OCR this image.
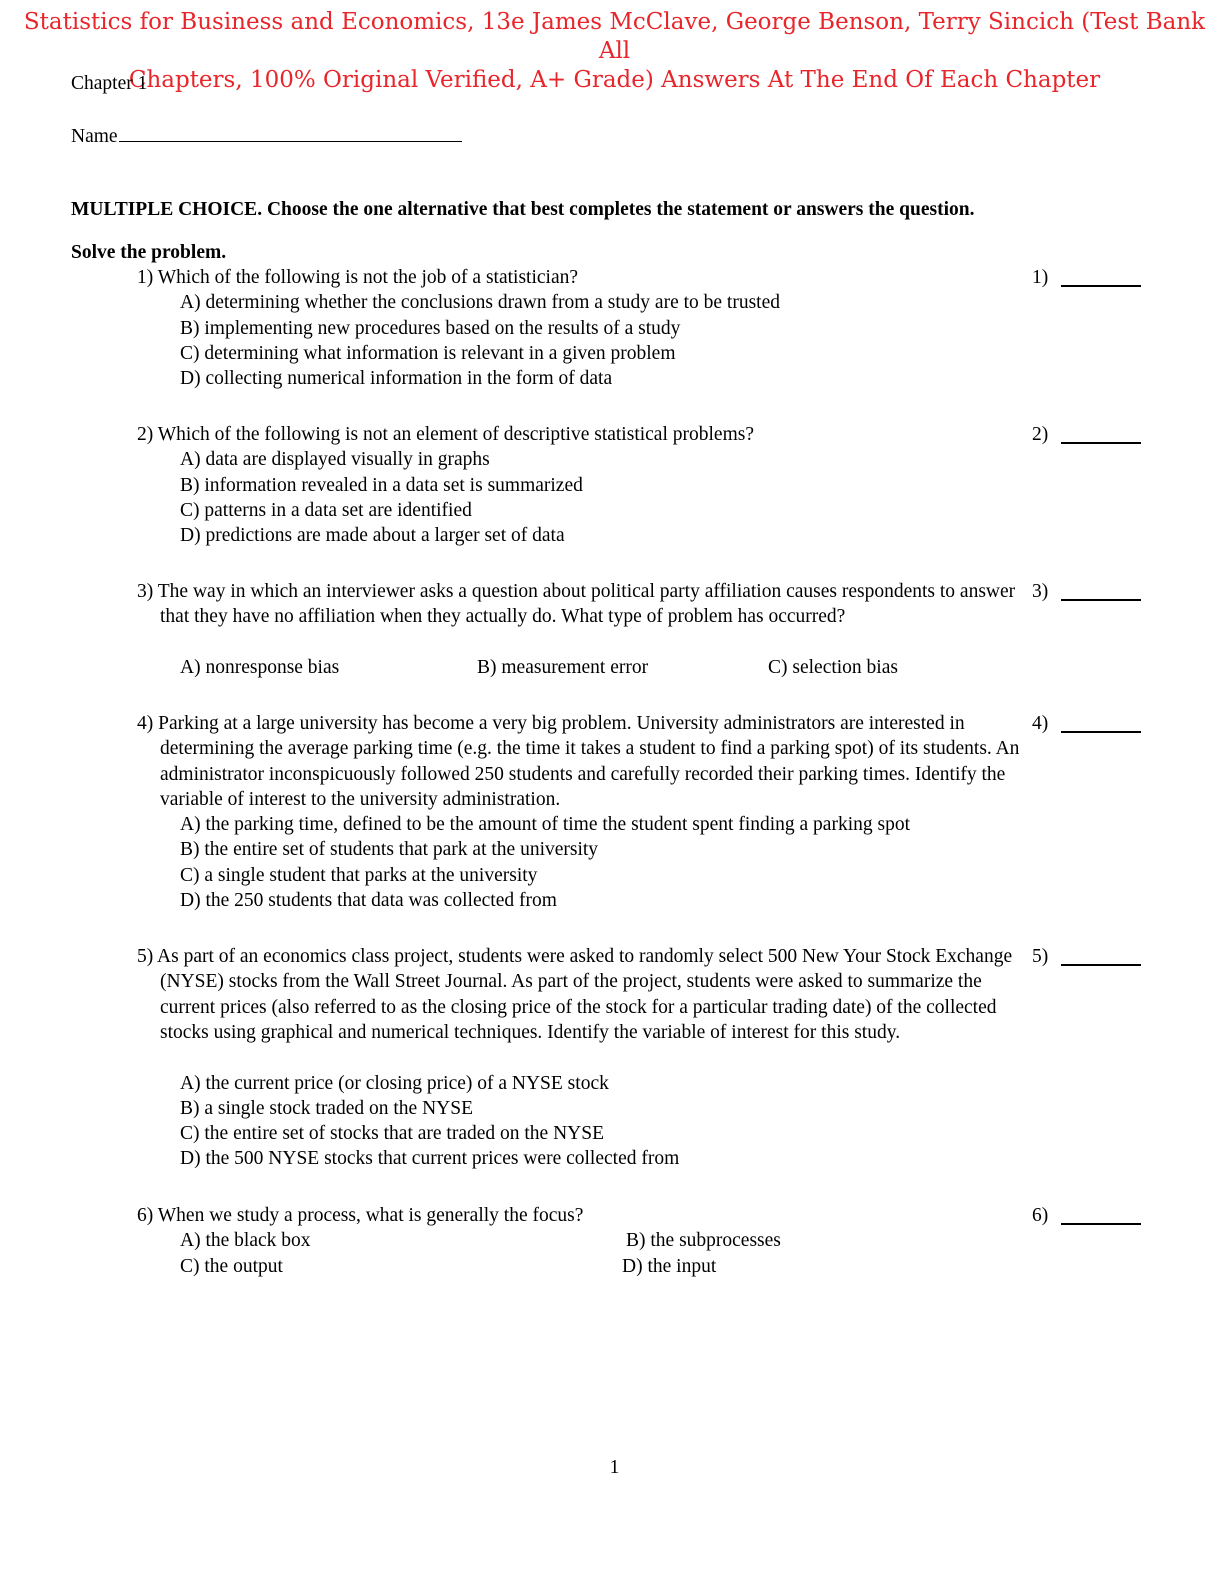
Statistics for Business and Economics, 13e James McClave, George Benson, Terry Sincich (Test Bank All
Chapters, 100% Original Verified, A+ Grade) Answers At The End Of Each Chapter
Chapter 1
Name
MULTIPLE CHOICE. Choose the one alternative that best completes the statement or answers the question.
Solve the problem.
1) Which of the following is not the job of a statistician?
A) determining whether the conclusions drawn from a study are to be trusted
B) implementing new procedures based on the results of a study
C) determining what information is relevant in a given problem
D) collecting numerical information in the form of data
1)
2) Which of the following is not an element of descriptive statistical problems?
A) data are displayed visually in graphs
B) information revealed in a data set is summarized
C) patterns in a data set are identified
D) predictions are made about a larger set of data
2)
3) The way in which an interviewer asks a question about political party affiliation causes respondents to answer that they have no affiliation when they actually do. What type of problem has occurred?
A) nonresponse bias	B) measurement error	C) selection bias
3)
4) Parking at a large university has become a very big problem. University administrators are interested in determining the average parking time (e.g. the time it takes a student to find a parking spot) of its students. An administrator inconspicuously followed 250 students and carefully recorded their parking times. Identify the variable of interest to the university administration.
A) the parking time, defined to be the amount of time the student spent finding a parking spot
B) the entire set of students that park at the university
C) a single student that parks at the university
D) the 250 students that data was collected from
4)
5) As part of an economics class project, students were asked to randomly select 500 New Your Stock Exchange (NYSE) stocks from the Wall Street Journal. As part of the project, students were asked to summarize the current prices (also referred to as the closing price of the stock for a particular trading date) of the collected stocks using graphical and numerical techniques. Identify the variable of interest for this study.
A) the current price (or closing price) of a NYSE stock
B) a single stock traded on the NYSE
C) the entire set of stocks that are traded on the NYSE
D) the 500 NYSE stocks that current prices were collected from
5)
6) When we study a process, what is generally the focus?
A) the black box	B) the subprocesses
C) the output	D) the input
6)
1
